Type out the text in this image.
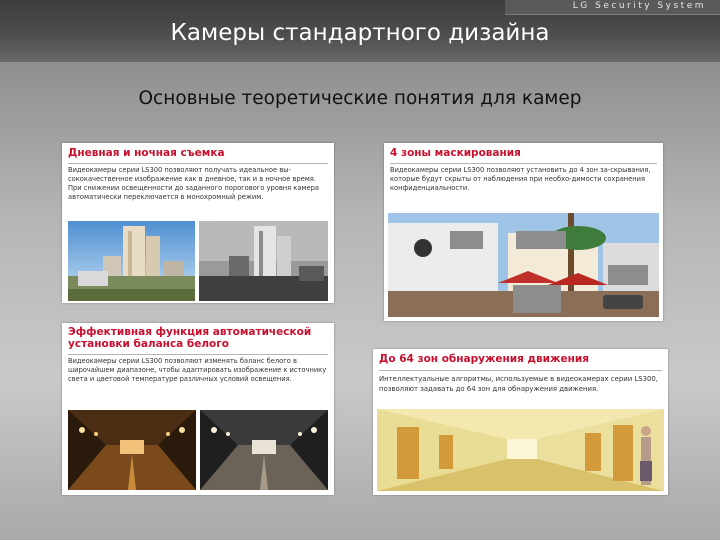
LG Security System
Камеры стандартного дизайна
Основные теоретические понятия для камер
Дневная и ночная съемка
Видеокамеры серии LS300 позволяют получать идеальное вы-сококачественное изображение как в дневное, так и в ночное время. При снижении освещенности до заданного порогового уровня камера автоматически переключается в монохромный режим.
4 зоны маскирования
Видеокамеры серии LS300 позволяют установить до 4 зон за-скрывания, которые будут скрыты от наблюдения при необхо-димости сохранения конфиденциальности.
Эффективная функция автоматической
установки баланса белого
Видеокамеры серии LS300 позволяют изменять баланс белого в широчайшем диапазоне, чтобы адаптировать изображение к источнику света и цветовой температуре различных условий освещения.
До 64 зон обнаружения движения
Интеллектуальные алгоритмы, используемые в видеокамерах серии LS300, позволяют задавать до 64 зон для обнаружения движения.
